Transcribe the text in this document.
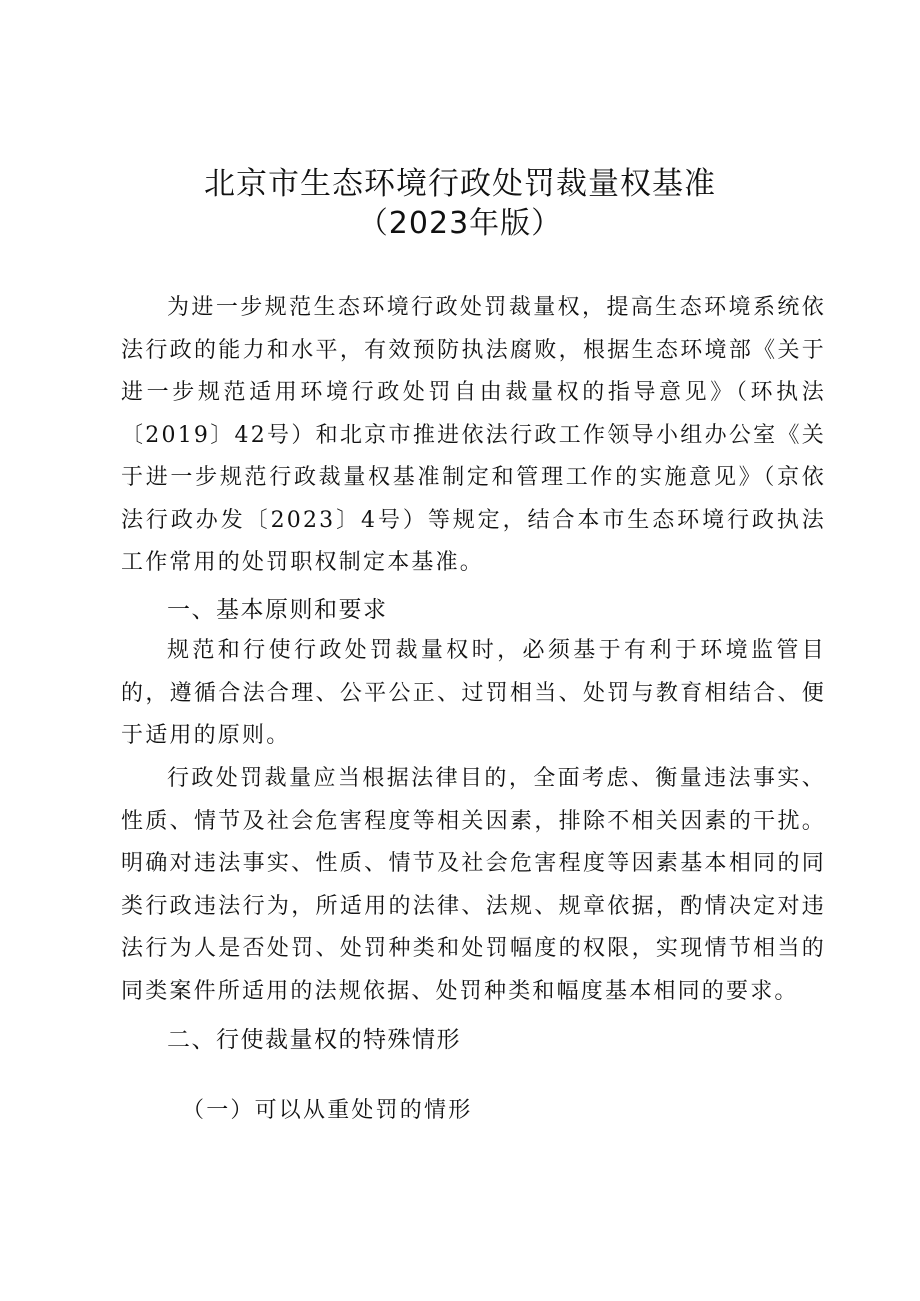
北京市生态环境行政处罚裁量权基准
（2023年版）

为进一步规范生态环境行政处罚裁量权，提高生态环境系统依法行政的能力和水平，有效预防执法腐败，根据生态环境部《关于进一步规范适用环境行政处罚自由裁量权的指导意见》（环执法〔2019〕42号）和北京市推进依法行政工作领导小组办公室《关于进一步规范行政裁量权基准制定和管理工作的实施意见》（京依法行政办发〔2023〕4号）等规定，结合本市生态环境行政执法工作常用的处罚职权制定本基准。

一、基本原则和要求

规范和行使行政处罚裁量权时，必须基于有利于环境监管目的，遵循合法合理、公平公正、过罚相当、处罚与教育相结合、便于适用的原则。

行政处罚裁量应当根据法律目的，全面考虑、衡量违法事实、性质、情节及社会危害程度等相关因素，排除不相关因素的干扰。明确对违法事实、性质、情节及社会危害程度等因素基本相同的同类行政违法行为，所适用的法律、法规、规章依据，酌情决定对违法行为人是否处罚、处罚种类和处罚幅度的权限，实现情节相当的同类案件所适用的法规依据、处罚种类和幅度基本相同的要求。

二、行使裁量权的特殊情形

（一）可以从重处罚的情形
